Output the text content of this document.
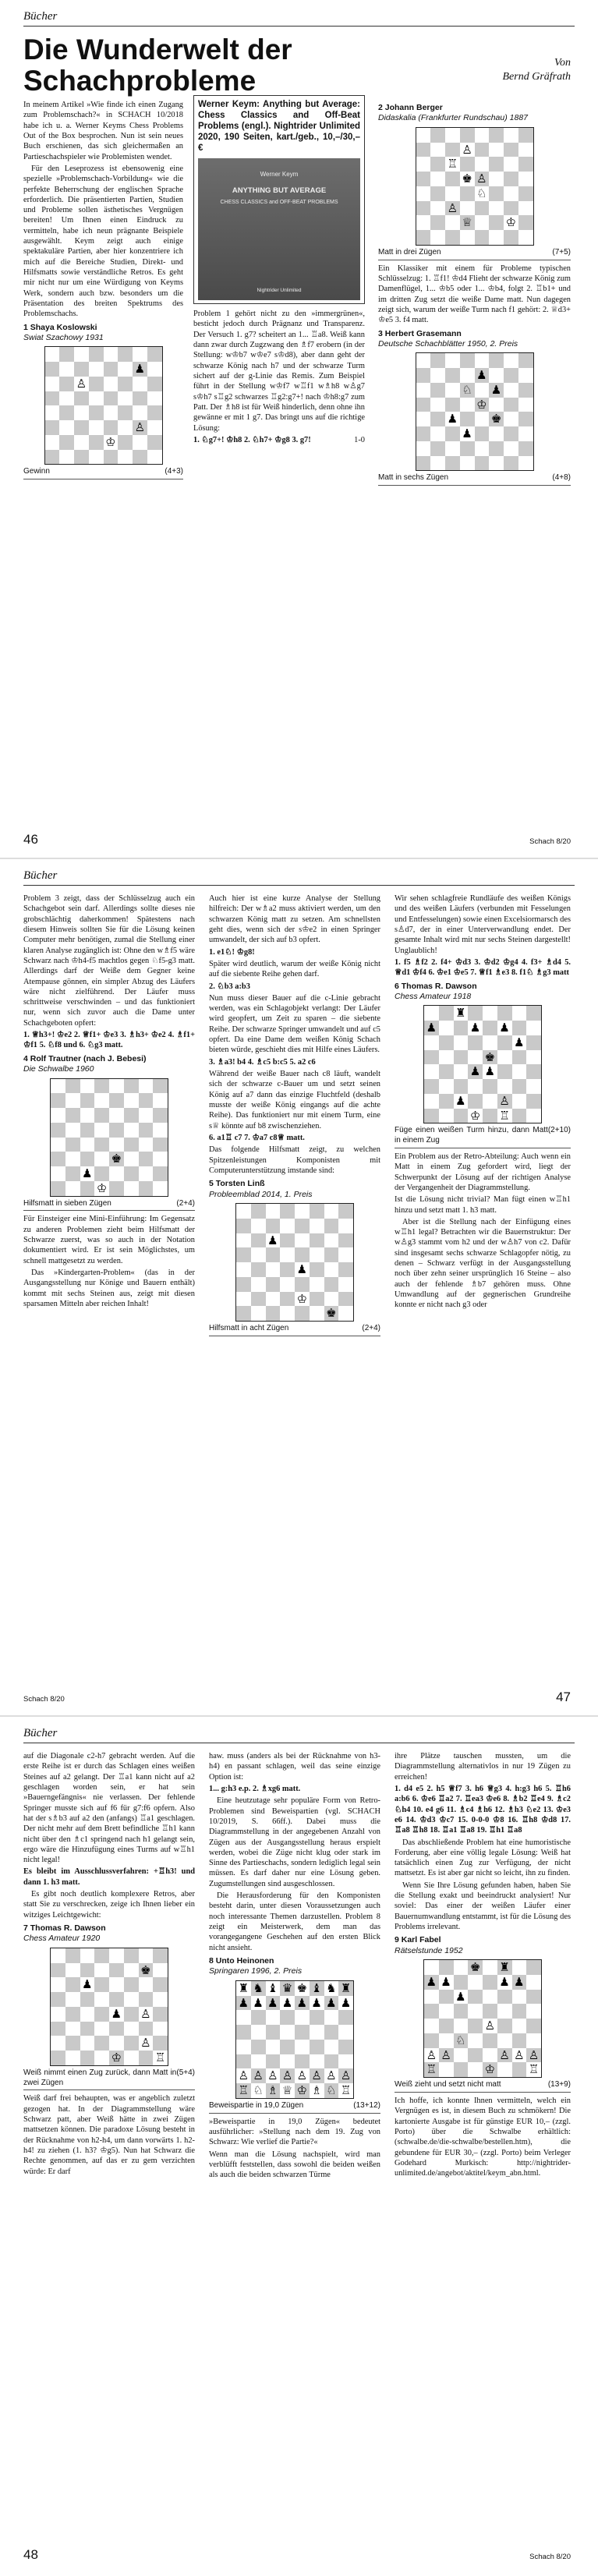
Bücher
Die Wunderwelt der Schachprobleme
Von
Bernd Gräfrath

In meinem Artikel »Wie finde ich einen Zugang zum Problemschach?« in SCHACH 10/2018 habe ich u. a. Werner Keyms Chess Problems Out of the Box besprochen. Nun ist sein neues Buch erschienen, das sich gleichermaßen an Partieschachspieler wie Problemisten wendet.

Für den Leseprozess ist ebensowenig eine spezielle »Problemschach-Vorbildung« wie die perfekte Beherrschung der englischen Sprache erforderlich. Die präsentierten Partien, Studien und Probleme sollen ästhetisches Vergnügen bereiten! Um Ihnen einen Eindruck zu vermitteln, habe ich neun prägnante Beispiele ausgewählt. Keym zeigt auch einige spektakuläre Partien, aber hier konzentriere ich mich auf die Bereiche Studien, Direkt- und Hilfsmatts sowie verständliche Retros. Es geht mir nicht nur um eine Würdigung von Keyms Werk, sondern auch bzw. besonders um die Präsentation des breiten Spektrums des Problemschachs.

1 Shaya Koslowski
Swiat Szachowy 1931
♟
♙
♙
♔
Gewinn	(4+3)
Werner Keym: Anything but Average: Chess Classics and Off-Beat Problems (engl.). Nightrider Unlimited 2020, 190 Seiten, kart./geb., 10,–/30,– €
Werner Keym
ANYTHING BUT AVERAGE
CHESS CLASSICS and OFF-BEAT PROBLEMS
Nightrider Unlimited

Problem 1 gehört nicht zu den »immergrünen«, besticht jedoch durch Prägnanz und Transparenz. Der Versuch 1. g7? scheitert an 1... ♖a8. Weiß kann dann zwar durch Zugzwang den ♗f7 erobern (in der Stellung: w♔b7 w♔e7 s♔d8), aber dann geht der schwarze König nach h7 und der schwarze Turm sichert auf der g-Linie das Remis. Zum Beispiel führt in der Stellung w♔f7 w♖f1 w♗h8 w♙g7 s♔h7 s♖g2 schwarzes ♖g2:g7+! nach ♔h8:g7 zum Patt. Der ♗h8 ist für Weiß hinderlich, denn ohne ihn gewänne er mit 1 g7. Das bringt uns auf die richtige Lösung:

1. ♘g7+! ♔h8 2. ♘h7+ ♔g8 3. g7!	1-0

2 Johann Berger
Didaskalia (Frankfurter Rundschau) 1887
♙
♖
♚ ♙
♘
♙
♕	♔
Matt in drei Zügen	(7+5)

Ein Klassiker mit einem für Probleme typischen Schlüsselzug: 1. ♖f1! ♔d4 Flieht der schwarze König zum Damenflügel, 1... ♔b5 oder 1... ♔b4, folgt 2. ♖b1+ und im dritten Zug setzt die weiße Dame matt. Nun dagegen zeigt sich, warum der weiße Turm nach f1 gehört: 2. ♕d3+ ♔e5 3. f4 matt.

3 Herbert Grasemann
Deutsche Schachblätter 1950, 2. Preis
♟
♘ ♟
♔
♟	♚
♟
Matt in sechs Zügen	(4+8)
46	Schach 8/20
Bücher

Problem 3 zeigt, dass der Schlüsselzug auch ein Schachgebot sein darf. Allerdings sollte dieses nie grobschlächtig daherkommen! Spätestens nach diesem Hinweis sollten Sie für die Lösung keinen Computer mehr benötigen, zumal die Stellung einer klaren Analyse zugänglich ist: Ohne den w♗f5 wäre Schwarz nach ♔h4-f5 machtlos gegen ♘f5-g3 matt. Allerdings darf der Weiße dem Gegner keine Atempause gönnen, ein simpler Abzug des Läufers wäre nicht zielführend. Der Läufer muss schrittweise verschwinden – und das funktioniert nur, wenn sich zuvor auch die Dame unter Schachgeboten opfert:

1. ♕h3+! ♔e2 2. ♕f1+ ♔e3 3. ♗h3+ ♔e2 4. ♗f1+ ♔f1 5. ♘f8 und 6. ♘g3 matt.

4 Rolf Trautner (nach J. Bebesi)
Die Schwalbe 1960
♚
♟
♔
Hilfsmatt in sieben Zügen	(2+4)

Für Einsteiger eine Mini-Einführung: Im Gegensatz zu anderen Problemen zieht beim Hilfsmatt der Schwarze zuerst, was so auch in der Notation dokumentiert wird. Er ist sein Möglichstes, um schnell mattgesetzt zu werden.

Das »Kindergarten-Problem« (das in der Ausgangsstellung nur Könige und Bauern enthält) kommt mit sechs Steinen aus, zeigt mit diesen sparsamen Mitteln aber reichen Inhalt!

Auch hier ist eine kurze Analyse der Stellung hilfreich: Der w♗a2 muss aktiviert werden, um den schwarzen König matt zu setzen. Am schnellsten geht dies, wenn sich der s♔e2 in einen Springer umwandelt, der sich auf b3 opfert.

1. e1♘! ♔g8!

Später wird deutlich, warum der weiße König nicht auf die siebente Reihe gehen darf.

2. ♘b3 a:b3

Nun muss dieser Bauer auf die c-Linie gebracht werden, was ein Schlagobjekt verlangt: Der Läufer wird geopfert, um Zeit zu sparen – die siebente Reihe. Der schwarze Springer umwandelt und auf c5 opfert. Da eine Dame dem weißen König Schach bieten würde, geschieht dies mit Hilfe eines Läufers.

3. ♗a3! b4 4. ♗c5 b:c5 5. a2 c6

Während der weiße Bauer nach c8 läuft, wandelt sich der schwarze c-Bauer um und setzt seinen König auf a7 dann das einzige Fluchtfeld (deshalb musste der weiße König eingangs auf die achte Reihe). Das funktioniert nur mit einem Turm, eine s♕ könnte auf b8 zwischenziehen.

6. a1♖ c7 7. ♔a7 c8♕ matt.

Das folgende Hilfsmatt zeigt, zu welchen Spitzenleistungen Komponisten mit Computerunterstützung imstande sind:

5 Torsten Linß
Probleemblad 2014, 1. Preis
♟
♟
♔
♚
Hilfsmatt in acht Zügen	(2+4)

Wir sehen schlagfreie Rundläufe des weißen Königs und des weißen Läufers (verbunden mit Fesselungen und Entfesselungen) sowie einen Excelsiormarsch des s♙d7, der in einer Unterverwandlung endet. Der gesamte Inhalt wird mit nur sechs Steinen dargestellt! Unglaublich!

1. f5 ♗f2 2. f4+ ♔d3 3. ♔d2 ♔g4 4. f3+ ♗d4 5. ♕d1 ♔f4 6. ♔e1 ♔e5 7. ♕f1 ♗e3 8. f1♘ ♗g3 matt

6 Thomas R. Dawson
Chess Amateur 1918
♜
♟	♟ ♟
♟
♚
♟ ♟
♟	♙
♔ ♖
Füge einen weißen Turm hinzu, dann Matt in einem Zug
(2+10)

Ein Problem aus der Retro-Abteilung: Auch wenn ein Matt in einem Zug gefordert wird, liegt der Schwerpunkt der Lösung auf der richtigen Analyse der Vergangenheit der Diagrammstellung.

Ist die Lösung nicht trivial? Man fügt einen w♖h1 hinzu und setzt matt 1. h3 matt.

Aber ist die Stellung nach der Einfügung eines w♖h1 legal? Betrachten wir die Bauernstruktur: Der w♙g3 stammt vom h2 und der w♙h7 von c2. Dafür sind insgesamt sechs schwarze Schlagopfer nötig, zu denen – Schwarz verfügt in der Ausgangsstellung noch über zehn seiner ursprünglich 16 Steine – also auch der fehlende ♗b7 gehören muss. Ohne Umwandlung auf der gegnerischen Grundreihe konnte er nicht nach g3 oder

Schach 8/20	47
Bücher

auf die Diagonale c2-h7 gebracht werden. Auf die erste Reihe ist er durch das Schlagen eines weißen Steines auf a2 gelangt. Der ♖a1 kann nicht auf a2 geschlagen worden sein, er hat sein »Bauerngefängnis« nie verlassen. Der fehlende Springer musste sich auf f6 für g7:f6 opfern. Also hat der s♗b3 auf a2 den (anfangs) ♖a1 geschlagen. Der nicht mehr auf dem Brett befindliche ♖h1 kann nicht über den ♗c1 springend nach h1 gelangt sein, ergo wäre die Hinzufügung eines Turms auf w♖h1 nicht legal!

Es bleibt im Ausschlussverfahren: +♖h3! und dann 1. h3 matt.

Es gibt noch deutlich komplexere Retros, aber statt Sie zu verschrecken, zeige ich Ihnen lieber ein witziges Leichtgewicht:

7 Thomas R. Dawson
Chess Amateur 1920
♚
♟
♟ ♙
♙
♔	♖
Weiß nimmt einen Zug zurück, dann Matt in zwei Zügen
(5+4)

Weiß darf frei behaupten, was er angeblich zuletzt gezogen hat. In der Diagrammstellung wäre Schwarz patt, aber Weiß hätte in zwei Zügen mattsetzen können. Die paradoxe Lösung besteht in der Rücknahme von h2-h4, um dann vorwärts 1. h2-h4! zu ziehen (1. h3? ♔g5). Nun hat Schwarz die Rechte genommen, auf das er zu gem verzichten würde: Er darf

haw. muss (anders als bei der Rücknahme von h3-h4) en passant schlagen, weil das seine einzige Option ist:

1... g:h3 e.p. 2. ♗xg6 matt.

Eine heutzutage sehr populäre Form von Retro-Problemen sind Beweispartien (vgl. SCHACH 10/2019, S. 66ff.). Dabei muss die Diagrammstellung in der angegebenen Anzahl von Zügen aus der Ausgangsstellung heraus erspielt werden, wobei die Züge nicht klug oder stark im Sinne des Partieschachs, sondern lediglich legal sein müssen. Es darf daher nur eine Lösung geben. Zugumstellungen sind ausgeschlossen.

Die Herausforderung für den Komponisten besteht darin, unter diesen Voraussetzungen auch noch interessante Themen darzustellen. Problem 8 zeigt ein Meisterwerk, dem man das vorangegangene Geschehen auf den ersten Blick nicht ansieht.

8 Unto Heinonen
Springaren 1996, 2. Preis
♜ ♞ ♝ ♛ ♚ ♝ ♞ ♜
♟ ♟ ♟ ♟ ♟ ♟ ♟ ♟
♙ ♙ ♙ ♙ ♙ ♙ ♙ ♙
♖ ♘ ♗ ♕ ♔ ♗ ♘ ♖
Beweispartie in 19,0 Zügen	(13+12)

»Beweispartie in 19,0 Zügen« bedeutet ausführlicher: »Stellung nach dem 19. Zug von Schwarz: Wie verlief die Partie?«

Wenn man die Lösung nachspielt, wird man verblüfft feststellen, dass sowohl die beiden weißen als auch die beiden schwarzen Türme

ihre Plätze tauschen mussten, um die Diagrammstellung alternativlos in nur 19 Zügen zu erreichen!

1. d4 e5 2. h5 ♕f7 3. h6 ♕g3 4. h:g3 h6 5. ♖h6 a:b6 6. ♔e6 ♖a2 7. ♖ea3 ♔e6 8. ♗b2 ♖e4 9. ♗c2 ♘h4 10. e4 g6 11. ♗c4 ♗h6 12. ♗h3 ♘e2 13. ♔e3 e6 14. ♔d3 ♔c7 15. 0-0-0 ♔8 16. ♖h8 ♔d8 17. ♖a8 ♖h8 18. ♖a1 ♖a8 19. ♖h1 ♖a8

Das abschließende Problem hat eine humoristische Forderung, aber eine völlig legale Lösung: Weiß hat tatsächlich einen Zug zur Verfügung, der nicht mattsetzt. Es ist aber gar nicht so leicht, ihn zu finden.

Wenn Sie Ihre Lösung gefunden haben, haben Sie die Stellung exakt und beeindruckt analysiert! Nur soviel: Das einer der weißen Läufer einer Bauernumwandlung entstammt, ist für die Lösung des Problems irrelevant.

9 Karl Fabel
Rätselstunde 1952
♚ ♜
♟ ♟	♟ ♟
♟
♙
♘
♙ ♙	♙ ♙ ♙
♖	♔	♖
Weiß zieht und setzt nicht matt	(13+9)

Ich hoffe, ich konnte Ihnen vermitteln, welch ein Vergnügen es ist, in diesem Buch zu schmökern! Die kartonierte Ausgabe ist für günstige EUR 10,– (zzgl. Porto) über die Schwalbe erhältlich: (schwalbe.de/die-schwalbe/bestellen.htm), die gebundene für EUR 30,– (zzgl. Porto) beim Verleger Godehard Murkisch: http://nightrider-unlimited.de/angebot/aktitel/keym_abn.html.

48	Schach 8/20
